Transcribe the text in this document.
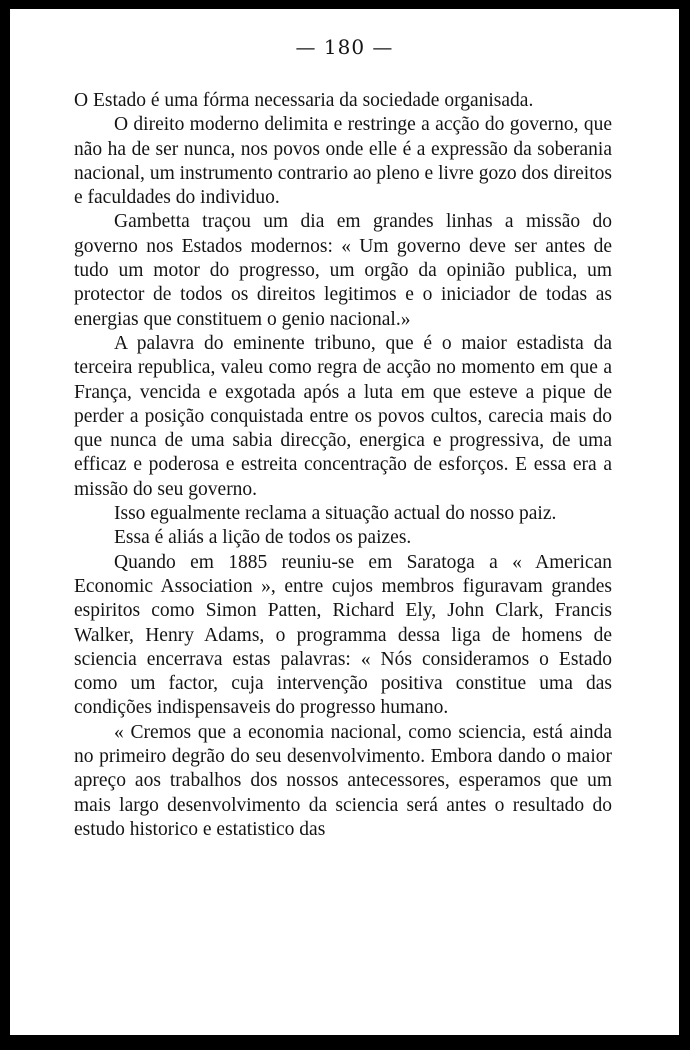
— 180 —

O Estado é uma fórma necessaria da sociedade organisada.

O direito moderno delimita e restringe a acção do governo, que não ha de ser nunca, nos povos onde elle é a expressão da soberania nacional, um instrumento contrario ao pleno e livre gozo dos direitos e faculdades do individuo.

Gambetta traçou um dia em grandes linhas a missão do governo nos Estados modernos: « Um governo deve ser antes de tudo um motor do progresso, um orgão da opinião publica, um protector de todos os direitos legitimos e o iniciador de todas as energias que constituem o genio nacional.»

A palavra do eminente tribuno, que é o maior estadista da terceira republica, valeu como regra de acção no momento em que a França, vencida e exgotada após a luta em que esteve a pique de perder a posição conquistada entre os povos cultos, carecia mais do que nunca de uma sabia direcção, energica e progressiva, de uma efficaz e poderosa e estreita concentração de esforços. E essa era a missão do seu governo.

Isso egualmente reclama a situação actual do nosso paiz.

Essa é aliás a lição de todos os paizes.

Quando em 1885 reuniu-se em Saratoga a « American Economic Association », entre cujos membros figuravam grandes espiritos como Simon Patten, Richard Ely, John Clark, Francis Walker, Henry Adams, o programma dessa liga de homens de sciencia encerrava estas palavras: « Nós consideramos o Estado como um factor, cuja intervenção positiva constitue uma das condições indispensaveis do progresso humano.

« Cremos que a economia nacional, como sciencia, está ainda no primeiro degrão do seu desenvolvimento. Embora dando o maior apreço aos trabalhos dos nossos antecessores, esperamos que um mais largo desenvolvimento da sciencia será antes o resultado do estudo historico e estatistico das
